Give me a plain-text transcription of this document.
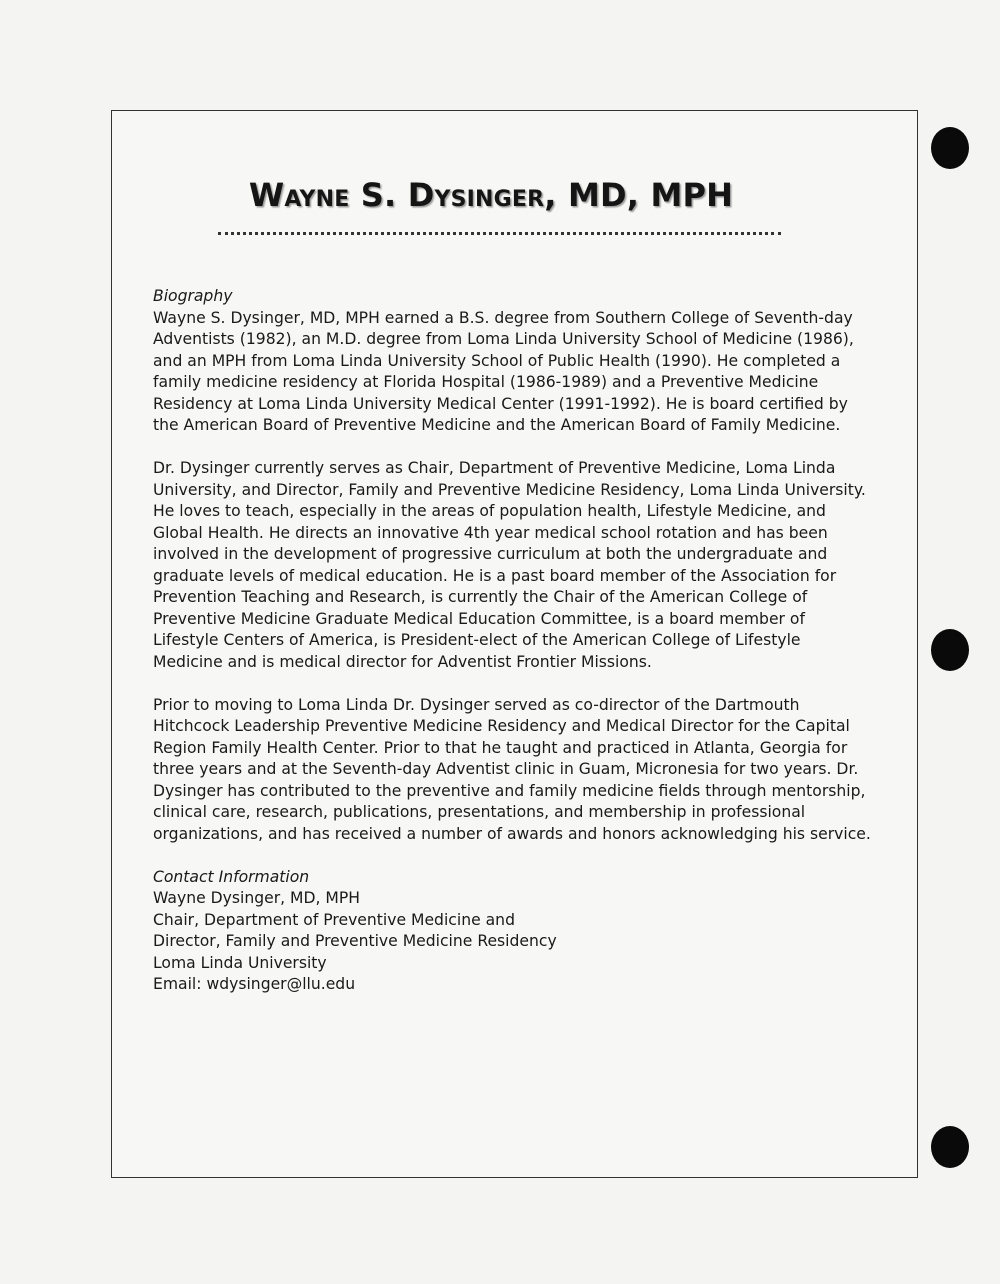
Wayne S. Dysinger, MD, MPH

Biography

Wayne S. Dysinger, MD, MPH earned a B.S. degree from Southern College of Seventh-day Adventists (1982), an M.D. degree from Loma Linda University School of Medicine (1986), and an MPH from Loma Linda University School of Public Health (1990). He completed a family medicine residency at Florida Hospital (1986-1989) and a Preventive Medicine Residency at Loma Linda University Medical Center (1991-1992). He is board certified by the American Board of Preventive Medicine and the American Board of Family Medicine.

Dr. Dysinger currently serves as Chair, Department of Preventive Medicine, Loma Linda University, and Director, Family and Preventive Medicine Residency, Loma Linda University. He loves to teach, especially in the areas of population health, Lifestyle Medicine, and Global Health. He directs an innovative 4th year medical school rotation and has been involved in the development of progressive curriculum at both the undergraduate and graduate levels of medical education. He is a past board member of the Association for Prevention Teaching and Research, is currently the Chair of the American College of Preventive Medicine Graduate Medical Education Committee, is a board member of Lifestyle Centers of America, is President-elect of the American College of Lifestyle Medicine and is medical director for Adventist Frontier Missions.

Prior to moving to Loma Linda Dr. Dysinger served as co-director of the Dartmouth Hitchcock Leadership Preventive Medicine Residency and Medical Director for the Capital Region Family Health Center. Prior to that he taught and practiced in Atlanta, Georgia for three years and at the Seventh-day Adventist clinic in Guam, Micronesia for two years. Dr. Dysinger has contributed to the preventive and family medicine fields through mentorship, clinical care, research, publications, presentations, and membership in professional organizations, and has received a number of awards and honors acknowledging his service.

Contact Information

Wayne Dysinger, MD, MPH

Chair, Department of Preventive Medicine and

Director, Family and Preventive Medicine Residency

Loma Linda University

Email: wdysinger@llu.edu
